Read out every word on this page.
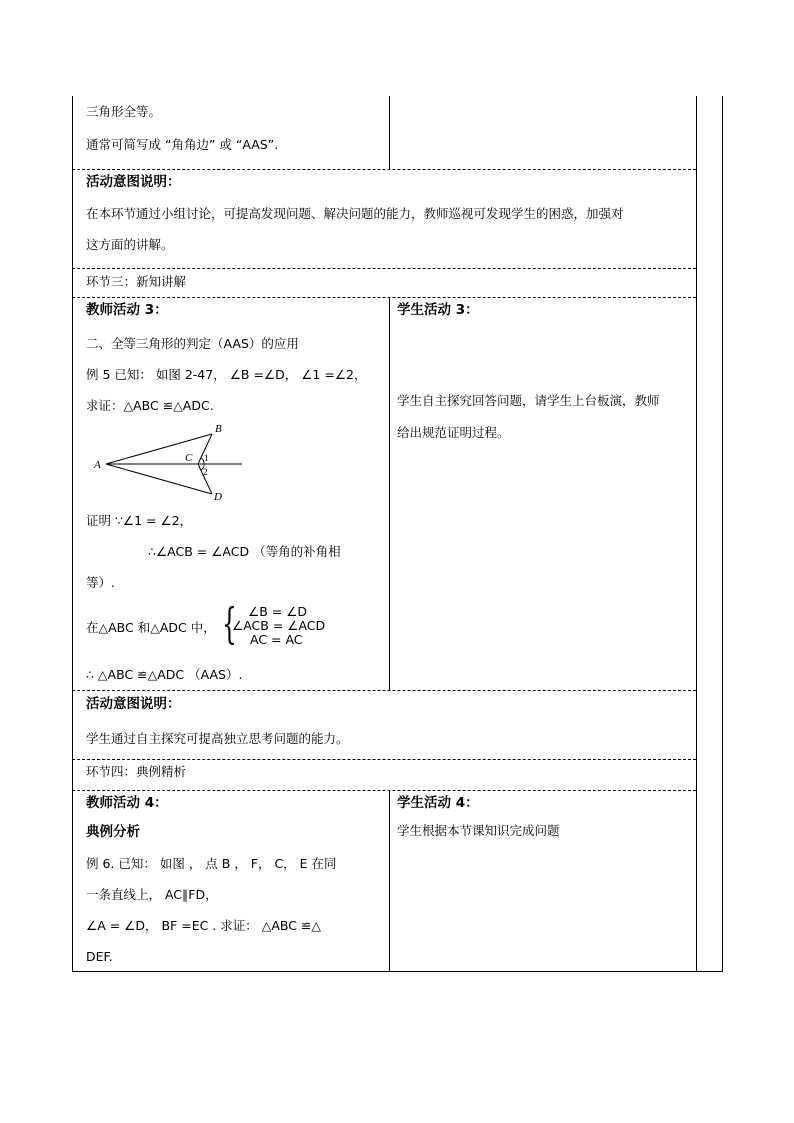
三角形全等。
通常可简写成 “角角边” 或 “AAS”.
活动意图说明：
在本环节通过小组讨论，可提高发现问题、解决问题的能力，教师巡视可发现学生的困惑，加强对
这方面的讲解。
环节三：新知讲解
教师活动 3：
二、全等三角形的判定（AAS）的应用
例 5 已知： 如图 2-47， ∠B =∠D， ∠1 =∠2，
求证：△ABC ≌△ADC.
A
B
C
D
1
2
证明 ∵∠1 = ∠2，
∴∠ACB = ∠ACD （等角的补角相
等）.
在△ABC 和△ADC 中， { ∠B = ∠D
∠ACB = ∠ACD
AC = AC
∴ △ABC ≌△ADC （AAS）.
学生活动 3：
学生自主探究回答问题，请学生上台板演，教师
给出规范证明过程。
活动意图说明：
学生通过自主探究可提高独立思考问题的能力。
环节四：典例精析
教师活动 4：
典例分析
例 6. 已知： 如图 ， 点 B ， F， C， E 在同
一条直线上， AC∥FD，
∠A = ∠D， BF =EC . 求证： △ABC ≌△
DEF.
学生活动 4：
学生根据本节课知识完成问题
